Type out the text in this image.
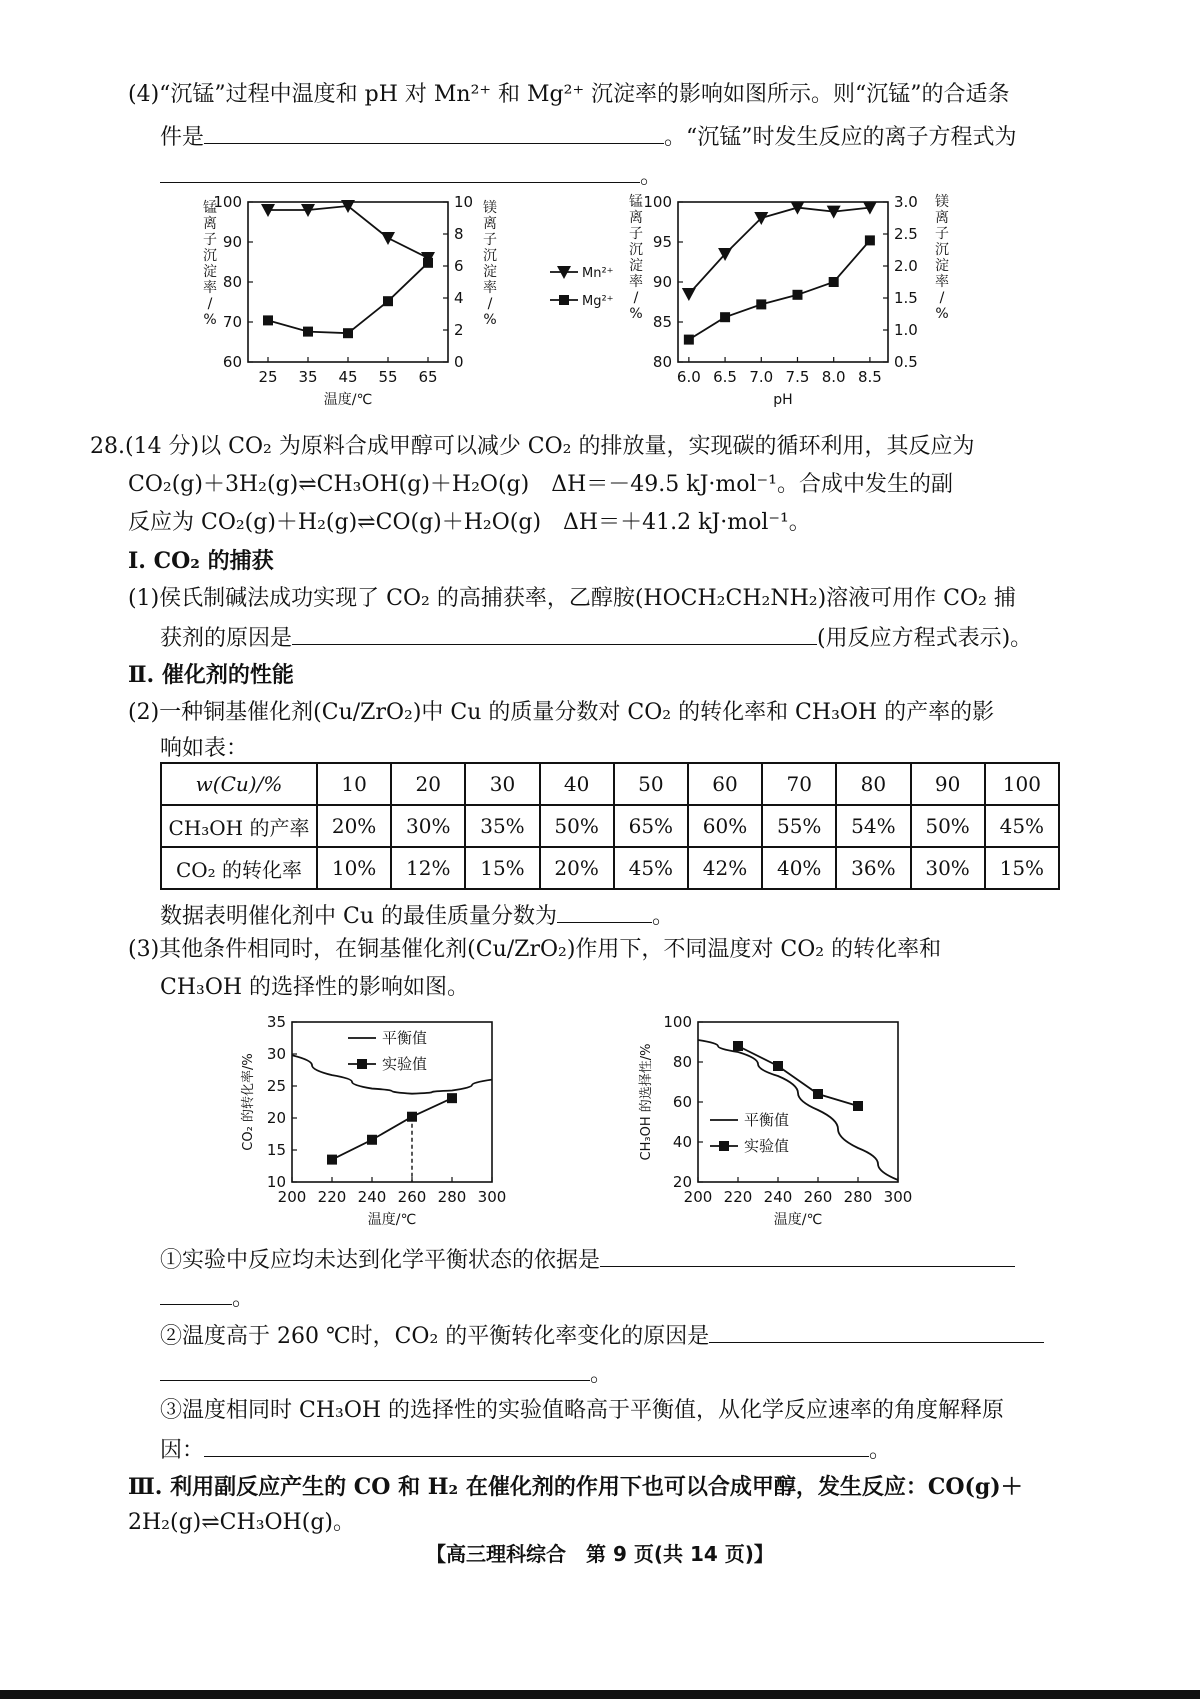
(4)“沉锰”过程中温度和 pH 对 Mn²⁺ 和 Mg²⁺ 沉淀率的影响如图所示。则“沉锰”的合适条
件是	。“沉锰”时发生反应的离子方程式为
。
25 35 45 55 65
60
70
80
90
100
0
2
4
6
8
10
温度/℃
锰
离
子
沉
淀
率
/
%
镁
离
子
沉
淀
率
/
%
Mn²⁺
Mg²⁺
6.0 6.5 7.0 7.5 8.0 8.5
80
85
90
95
100
0.5
1.0
1.5
2.0
2.5
3.0
pH
锰
离
子
沉
淀
率
/
%
镁
离
子
沉
淀
率
/
%
28.(14 分)以 CO₂ 为原料合成甲醇可以减少 CO₂ 的排放量，实现碳的循环利用，其反应为
CO₂(g)＋3H₂(g)⇌CH₃OH(g)＋H₂O(g)　ΔH＝－49.5 kJ·mol⁻¹。合成中发生的副
反应为 CO₂(g)＋H₂(g)⇌CO(g)＋H₂O(g)　ΔH＝＋41.2 kJ·mol⁻¹。
Ⅰ. CO₂ 的捕获
(1)侯氏制碱法成功实现了 CO₂ 的高捕获率，乙醇胺(HOCH₂CH₂NH₂)溶液可用作 CO₂ 捕
获剂的原因是	(用反应方程式表示)。
Ⅱ. 催化剂的性能
(2)一种铜基催化剂(Cu/ZrO₂)中 Cu 的质量分数对 CO₂ 的转化率和 CH₃OH 的产率的影
响如表：
w(Cu)/%	10	20	30	40	50	60	70	80	90	100
CH₃OH 的产率	20%	30%	35%	50%	65%	60%	55%	54%	50%	45%
CO₂ 的转化率	10%	12%	15%	20%	45%	42%	40%	36%	30%	15%
数据表明催化剂中 Cu 的最佳质量分数为	。
(3)其他条件相同时，在铜基催化剂(Cu/ZrO₂)作用下，不同温度对 CO₂ 的转化率和
CH₃OH 的选择性的影响如图。
200 220 240 260 280 300
10
15
20
25
30
35
温度/℃
CO₂ 的转化率/%
平衡值
实验值
200 220 240 260 280 300
20
40
60
80
100
温度/℃
CH₃OH 的选择性/%	平衡值
实验值
①实验中反应均未达到化学平衡状态的依据是
。
②温度高于 260 ℃时，CO₂ 的平衡转化率变化的原因是
。
③温度相同时 CH₃OH 的选择性的实验值略高于平衡值，从化学反应速率的角度解释原
因：	。
Ⅲ. 利用副反应产生的 CO 和 H₂ 在催化剂的作用下也可以合成甲醇，发生反应：CO(g)＋
2H₂(g)⇌CH₃OH(g)。
【高三理科综合　第 9 页(共 14 页)】
